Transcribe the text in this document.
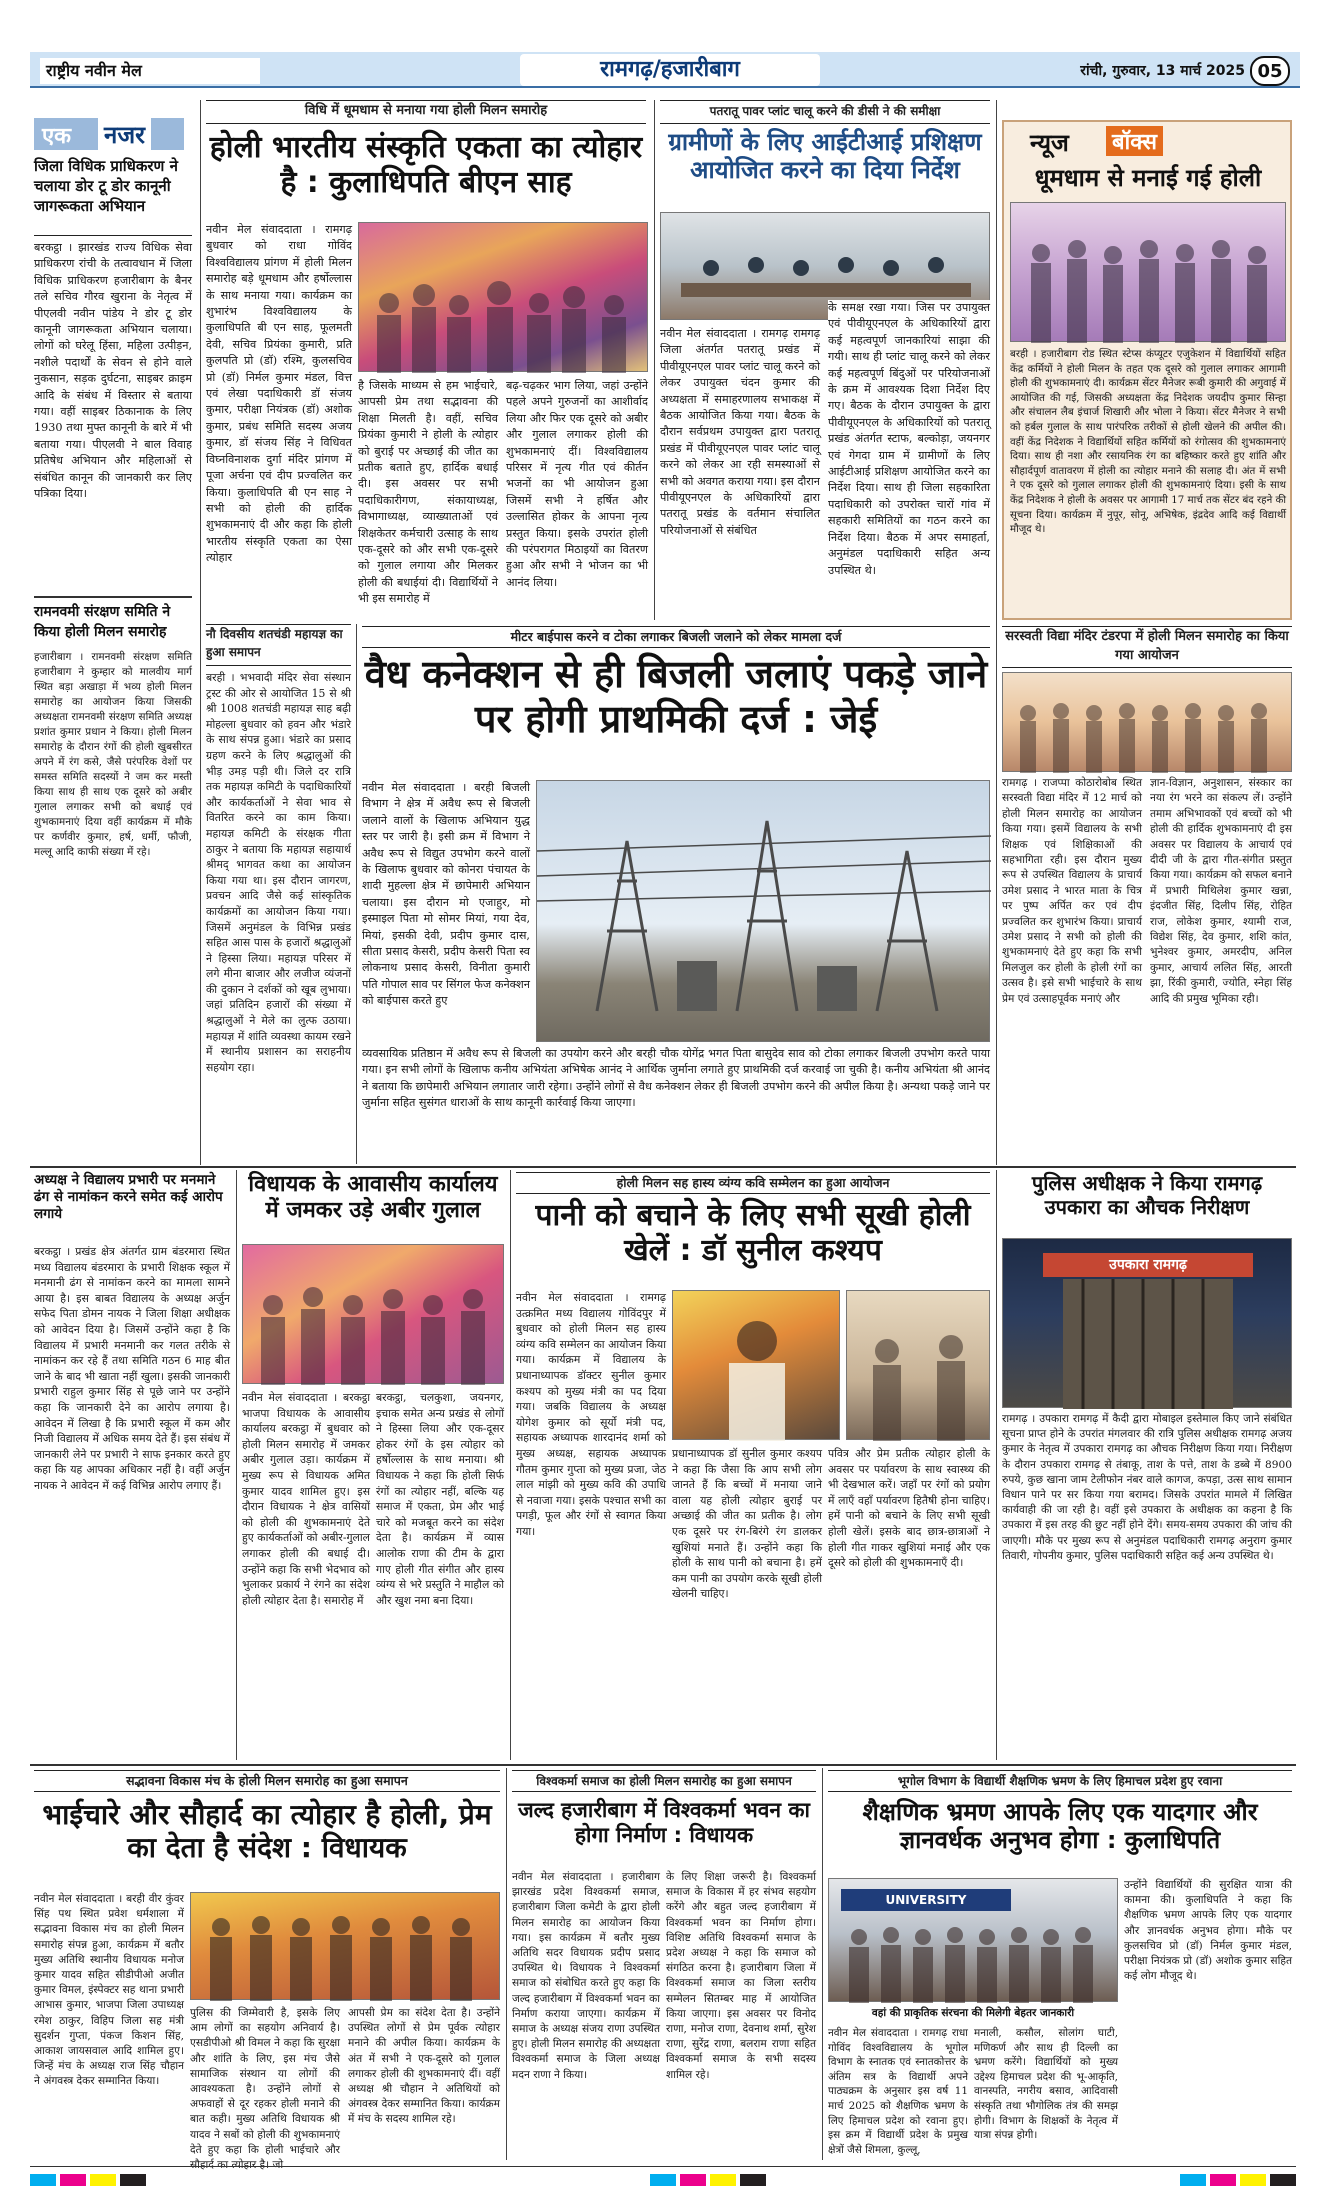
राष्ट्रीय नवीन मेल	रामगढ़/हजारीबाग	रांची, गुरुवार, 13 मार्च 2025 05
एक नजर
जिला विधिक प्राधिकरण ने चलाया डोर टू डोर कानूनी जागरूकता अभियान
बरकट्ठा । झारखंड राज्य विधिक सेवा प्राधिकरण रांची के तत्वावधान में जिला विधिक प्राधिकरण हजारीबाग के बैनर तले सचिव गौरव खुराना के नेतृत्व में पीएलवी नवीन पांडेय ने डोर टू डोर कानूनी जागरूकता अभियान चलाया। लोगों को घरेलू हिंसा, महिला उत्पीड़न, नशीले पदार्थों के सेवन से होने वाले नुकसान, सड़क दुर्घटना, साइबर क्राइम आदि के संबंध में विस्तार से बताया गया। वहीं साइबर ठिकानाक के लिए 1930 तथा मुफ्त कानूनी के बारे में भी बताया गया। पीएलवी ने बाल विवाह प्रतिषेध अभियान और महिलाओं से संबंधित कानून की जानकारी कर लिए पत्रिका दिया।
रामनवमी संरक्षण समिति ने किया होली मिलन समारोह
हजारीबाग । रामनवमी संरक्षण समिति हजारीबाग ने कुम्हार को मालवीय मार्ग स्थित बड़ा अखाड़ा में भव्य होली मिलन समारोह का आयोजन किया जिसकी अध्यक्षता रामनवमी संरक्षण समिति अध्यक्ष प्रशांत कुमार प्रधान ने किया। होली मिलन समारोह के दौरान रंगों की होली खुबसीरत अपने में रंग कसे, जैसे परंपरिक वेशों पर समस्त समिति सदस्यों ने जम कर मस्ती किया साथ ही साथ एक दूसरे को अबीर गुलाल लगाकर सभी को बधाई एवं शुभकामनाएं दिया वहीं कार्यक्रम में मौके पर कर्णवीर कुमार, हर्ष, धर्मी, फौजी, मल्लू आदि काफी संख्या में रहे।
विधि में धूमधाम से मनाया गया होली मिलन समारोह
होली भारतीय संस्कृति एकता का त्योहार है : कुलाधिपति बीएन साह
नवीन मेल संवाददाता । रामगढ़ बुधवार को राधा गोविंद विश्वविद्यालय प्रांगण में होली मिलन समारोह बड़े धूमधाम और हर्षोल्लास के साथ मनाया गया। कार्यक्रम का शुभारंभ विश्वविद्यालय के कुलाधिपति बी एन साह, फूलमती देवी, सचिव प्रियंका कुमारी, प्रति कुलपति प्रो (डॉ) रश्मि, कुलसचिव प्रो (डॉ) निर्मल कुमार मंडल, वित्त एवं लेखा पदाधिकारी डॉ संजय कुमार, परीक्षा नियंत्रक (डॉ) अशोक कुमार, प्रबंध समिति सदस्य अजय कुमार, डॉ संजय सिंह ने विधिवत विघ्नविनाशक दुर्गा मंदिर प्रांगण में पूजा अर्चना एवं दीप प्रज्वलित कर किया। कुलाधिपति बी एन साह ने सभी को होली की हार्दिक शुभकामनाएं दी और कहा कि होली भारतीय संस्कृति एकता का ऐसा त्योहार
है जिसके माध्यम से हम भाईचारे, आपसी प्रेम तथा सद्भावना की शिक्षा मिलती है। वहीं, सचिव प्रियंका कुमारी ने होली के त्योहार को बुराई पर अच्छाई की जीत का प्रतीक बताते हुए, हार्दिक बधाई दी। इस अवसर पर सभी पदाधिकारीगण, संकायाध्यक्ष, विभागाध्यक्ष, व्याख्याताओं एवं शिक्षकेतर कर्मचारी उत्साह के साथ एक-दूसरे को और सभी एक-दूसरे को गुलाल लगाया और मिलकर होली की बधाईयां दी। विद्यार्थियों ने भी इस समारोह में
बढ़-चढ़कर भाग लिया, जहां उन्होंने पहले अपने गुरुजनों का आशीर्वाद लिया और फिर एक दूसरे को अबीर और गुलाल लगाकर होली की शुभकामनाएं दीं। विश्वविद्यालय परिसर में नृत्य गीत एवं कीर्तन भजनों का भी आयोजन हुआ जिसमें सभी ने हर्षित और उल्लासित होकर के आपना नृत्य प्रस्तुत किया। इसके उपरांत होली की परंपरागत मिठाइयों का वितरण हुआ और सभी ने भोजन का भी आनंद लिया।
पतरातू पावर प्लांट चालू करने की डीसी ने की समीक्षा
ग्रामीणों के लिए आईटीआई प्रशिक्षण आयोजित करने का दिया निर्देश
नवीन मेल संवाददाता । रामगढ़ रामगढ़ जिला अंतर्गत पतरातू प्रखंड में पीवीयूएनएल पावर प्लांट चालू करने को लेकर उपायुक्त चंदन कुमार की अध्यक्षता में समाहरणालय सभाकक्ष में बैठक आयोजित किया गया। बैठक के दौरान सर्वप्रथम उपायुक्त द्वारा पतरातू प्रखंड में पीवीयूएनएल पावर प्लांट चालू करने को लेकर आ रही समस्याओं से सभी को अवगत कराया गया। इस दौरान पीवीयूएनएल के अधिकारियों द्वारा पतरातू प्रखंड के वर्तमान संचालित परियोजनाओं से संबंधित
के समक्ष रखा गया। जिस पर उपायुक्त एवं पीवीयूएनएल के अधिकारियों द्वारा कई महत्वपूर्ण जानकारियां साझा की गयी। साथ ही प्लांट चालू करने को लेकर कई महत्वपूर्ण बिंदुओं पर परियोजनाओं के क्रम में आवश्यक दिशा निर्देश दिए गए। बैठक के दौरान उपायुक्त के द्वारा पीवीयूएनएल के अधिकारियों को पतरातू प्रखंड अंतर्गत स्टाफ, बल्कोड़ा, जयनगर एवं गेगदा ग्राम में ग्रामीणों के लिए आईटीआई प्रशिक्षण आयोजित करने का निर्देश दिया। साथ ही जिला सहकारिता पदाधिकारी को उपरोक्त चारों गांव में सहकारी समितियों का गठन करने का निर्देश दिया। बैठक में अपर समाहर्ता, अनुमंडल पदाधिकारी सहित अन्य उपस्थित थे।
न्यूज बॉक्स
धूमधाम से मनाई गई होली
बरही । हजारीबाग रोड स्थित स्टेप्स कंप्यूटर एजुकेशन में विद्यार्थियों सहित केंद्र कर्मियों ने होली मिलन के तहत एक दूसरे को गुलाल लगाकर आगामी होली की शुभकामनाएं दी। कार्यक्रम सेंटर मैनेजर रूबी कुमारी की अगुवाई में आयोजित की गई, जिसकी अध्यक्षता केंद्र निदेशक जयदीप कुमार सिन्हा और संचालन लैब इंचार्ज शिखारी और भोला ने किया। सेंटर मैनेजर ने सभी को हर्बल गुलाल के साथ पारंपरिक तरीकों से होली खेलने की अपील की। वहीं केंद्र निदेशक ने विद्यार्थियों सहित कर्मियों को रंगोत्सव की शुभकामनाएं दिया। साथ ही नशा और रसायनिक रंग का बहिष्कार करते हुए शांति और सौहार्दपूर्ण वातावरण में होली का त्योहार मनाने की सलाह दी। अंत में सभी ने एक दूसरे को गुलाल लगाकर होली की शुभकामनाएं दिया। इसी के साथ केंद्र निदेशक ने होली के अवसर पर आगामी 17 मार्च तक सेंटर बंद रहने की सूचना दिया। कार्यक्रम में नुपूर, सोनू, अभिषेक, इंद्रदेव आदि कई विद्यार्थी मौजूद थे।
नौ दिवसीय शतचंडी महायज्ञ का हुआ समापन
बरही । भभवादी मंदिर सेवा संस्थान ट्रस्ट की ओर से आयोजित 15 से श्री श्री 1008 शतचंडी महायज्ञ साह बढ़ी मोहल्ला बुधवार को हवन और भंडारे के साथ संपन्न हुआ। भंडारे का प्रसाद ग्रहण करने के लिए श्रद्धालुओं की भीड़ उमड़ पड़ी थी। जिले दर रात्रि तक महायज्ञ कमिटी के पदाधिकारियों और कार्यकर्ताओं ने सेवा भाव से वितरित करने का काम किया। महायज्ञ कमिटी के संरक्षक गीता ठाकुर ने बताया कि महायज्ञ सहायार्थ श्रीमद् भागवत कथा का आयोजन किया गया था। इस दौरान जागरण, प्रवचन आदि जैसे कई सांस्कृतिक कार्यक्रमों का आयोजन किया गया। जिसमें अनुमंडल के विभिन्न प्रखंड सहित आस पास के हजारों श्रद्धालुओं ने हिस्सा लिया। महायज्ञ परिसर में लगे मीना बाजार और लजीज व्यंजनों की दुकान ने दर्शकों को खूब लुभाया। जहां प्रतिदिन हजारों की संख्या में श्रद्धालुओं ने मेले का लुत्फ उठाया। महायज्ञ में शांति व्यवस्था कायम रखने में स्थानीय प्रशासन का सराहनीय सहयोग रहा।
मीटर बाईपास करने व टोका लगाकर बिजली जलाने को लेकर मामला दर्ज
वैध कनेक्शन से ही बिजली जलाएं पकड़े जाने पर होगी प्राथमिकी दर्ज : जेई
नवीन मेल संवाददाता । बरही बिजली विभाग ने क्षेत्र में अवैध रूप से बिजली जलाने वालों के खिलाफ अभियान युद्ध स्तर पर जारी है। इसी क्रम में विभाग ने अवैध रूप से विद्युत उपभोग करने वालों के खिलाफ बुधवार को कोनरा पंचायत के शादी मुहल्ला क्षेत्र में छापेमारी अभियान चलाया। इस दौरान मो एजाहुर, मो इस्माइल पिता मो सोमर मियां, गया देव, मियां, इसकी देवी, प्रदीप कुमार दास, सीता प्रसाद केसरी, प्रदीप केसरी पिता स्व लोकनाथ प्रसाद केसरी, विनीता कुमारी पति गोपाल साव पर सिंगल फेज कनेक्शन को बाईपास करते हुए
व्यवसायिक प्रतिष्ठान में अवैध रूप से बिजली का उपयोग करने और बरही चौक योगेंद्र भगत पिता बासुदेव साव को टोका लगाकर बिजली उपभोग करते पाया गया। इन सभी लोगों के खिलाफ कनीय अभियंता अभिषेक आनंद ने आर्थिक जुर्माना लगाते हुए प्राथमिकी दर्ज करवाई जा चुकी है। कनीय अभियंता श्री आनंद ने बताया कि छापेमारी अभियान लगातार जारी रहेगा। उन्होंने लोगों से वैध कनेक्शन लेकर ही बिजली उपभोग करने की अपील किया है। अन्यथा पकड़े जाने पर जुर्माना सहित सुसंगत धाराओं के साथ कानूनी कार्रवाई किया जाएगा।
सरस्वती विद्या मंदिर टंडरपा में होली मिलन समारोह का किया गया आयोजन
रामगढ़ । राजप्पा कोठारोबोब स्थित सरस्वती विद्या मंदिर में 12 मार्च को होली मिलन समारोह का आयोजन किया गया। इसमें विद्यालय के सभी शिक्षक एवं शिक्षिकाओं की सहभागिता रही। इस दौरान मुख्य रूप से उपस्थित विद्यालय के प्राचार्य उमेश प्रसाद ने भारत माता के चित्र पर पुष्प अर्पित कर एवं दीप प्रज्वलित कर शुभारंभ किया। प्राचार्य उमेश प्रसाद ने सभी को होली की शुभकामनाएं देते हुए कहा कि सभी मिलजुल कर होली के होली रंगों का उत्सव है। इसे सभी भाईचारे के साथ प्रेम एवं उत्साहपूर्वक मनाएं और
ज्ञान-विज्ञान, अनुशासन, संस्कार का नया रंग भरने का संकल्प लें। उन्होंने तमाम अभिभावकों एवं बच्चों को भी होली की हार्दिक शुभकामनाएं दी इस अवसर पर विद्यालय के आचार्य एवं दीदी जी के द्वारा गीत-संगीत प्रस्तुत किया गया। कार्यक्रम को सफल बनाने में प्रभारी मिथिलेश कुमार खन्ना, इंदजीत सिंह, दिलीप सिंह, रोहित राज, लोकेश कुमार, श्यामी राज, विद्येश सिंह, देव कुमार, शशि कांत, भुनेश्वर कुमार, अमरदीप, अनिल कुमार, आचार्य ललित सिंह, आरती झा, रिंकी कुमारी, ज्योति, स्नेहा सिंह आदि की प्रमुख भूमिका रही।
अध्यक्ष ने विद्यालय प्रभारी पर मनमाने ढंग से नामांकन करने समेत कई आरोप लगाये
बरकट्ठा । प्रखंड क्षेत्र अंतर्गत ग्राम बंडरमारा स्थित मध्य विद्यालय बंडरमारा के प्रभारी शिक्षक स्कूल में मनमानी ढंग से नामांकन करने का मामला सामने आया है। इस बाबत विद्यालय के अध्यक्ष अर्जुन सफेद पिता डोमन नायक ने जिला शिक्षा अधीक्षक को आवेदन दिया है। जिसमें उन्होंने कहा है कि विद्यालय में प्रभारी मनमानी कर गलत तरीके से नामांकन कर रहे हैं तथा समिति गठन 6 माह बीत जाने के बाद भी खाता नहीं खुला। इसकी जानकारी प्रभारी राहुल कुमार सिंह से पूछे जाने पर उन्होंने कहा कि जानकारी देने का आरोप लगाया है। आवेदन में लिखा है कि प्रभारी स्कूल में कम और निजी विद्यालय में अधिक समय देते हैं। इस संबंध में जानकारी लेने पर प्रभारी ने साफ इनकार करते हुए कहा कि यह आपका अधिकार नहीं है। वहीं अर्जुन नायक ने आवेदन में कई विभिन्न आरोप लगाए हैं।
विधायक के आवासीय कार्यालय में जमकर उड़े अबीर गुलाल
नवीन मेल संवाददाता । बरकट्ठा भाजपा विधायक के आवासीय कार्यालय बरकट्ठा में बुधवार को होली मिलन समारोह में जमकर अबीर गुलाल उड़ा। कार्यक्रम में मुख्य रूप से विधायक अमित कुमार यादव शामिल हुए। इस दौरान विधायक ने क्षेत्र वासियों को होली की शुभकामनाएं देते हुए कार्यकर्ताओं को अबीर-गुलाल लगाकर होली की बधाई दी। उन्होंने कहा कि सभी भेदभाव को भुलाकर प्रकार्य ने रंगने का संदेश होली त्योहार देता है। समारोह में
बरकट्ठा, चलकुशा, जयनगर, इचाक समेत अन्य प्रखंड से लोगों ने हिस्सा लिया और एक-दूसर होकर रंगों के इस त्योहार को हर्षोल्लास के साथ मनाया। श्री विधायक ने कहा कि होली सिर्फ रंगों का त्योहार नहीं, बल्कि यह समाज में एकता, प्रेम और भाई चारे को मजबूत करने का संदेश देता है। कार्यक्रम में व्यास आलोक राणा की टीम के द्वारा गाए होली गीत संगीत और हास्य व्यंग्य से भरे प्रस्तुति ने माहौल को और खुश नमा बना दिया।
होली मिलन सह हास्य व्यंग्य कवि सम्मेलन का हुआ आयोजन
पानी को बचाने के लिए सभी सूखी होली खेलें : डॉ सुनील कश्यप
नवीन मेल संवाददाता । रामगढ़ उत्क्रमित मध्य विद्यालय गोविंदपुर में बुधवार को होली मिलन सह हास्य व्यंग्य कवि सम्मेलन का आयोजन किया गया। कार्यक्रम में विद्यालय के प्रधानाध्यापक डॉक्टर सुनील कुमार कश्यप को मुख्य मंत्री का पद दिया गया। जबकि विद्यालय के अध्यक्ष योगेश कुमार को सूर्यो मंत्री पद, सहायक अध्यापक शारदानंद शर्मा को मुख्य अध्यक्ष, सहायक अध्यापक गौतम कुमार गुप्ता को मुख्य प्रजा, जेठ लाल मांझी को मुख्य कवि की उपाधि से नवाजा गया। इसके पश्चात सभी का पगड़ी, फूल और रंगों से स्वागत किया गया।
प्रधानाध्यापक डॉ सुनील कुमार कश्यप ने कहा कि जैसा कि आप सभी लोग जानते हैं कि बच्चों में मनाया जाने वाला यह होली त्योहार बुराई पर अच्छाई की जीत का प्रतीक है। लोग एक दूसरे पर रंग-बिरंगे रंग डालकर खुशियां मनाते हैं। उन्होंने कहा कि होली के साथ पानी को बचाना है। हमें कम पानी का उपयोग करके सूखी होली खेलनी चाहिए।
पवित्र और प्रेम प्रतीक त्योहार होली के अवसर पर पर्यावरण के साथ स्वास्थ्य की भी देखभाल करें। जहाँ पर रंगों को प्रयोग में लाएँ वहाँ पर्यावरण हितैषी होना चाहिए। हमें पानी को बचाने के लिए सभी सूखी होली खेलें। इसके बाद छात्र-छात्राओं ने होली गीत गाकर खुशियां मनाई और एक दूसरे को होली की शुभकामनाएँ दी।
पुलिस अधीक्षक ने किया रामगढ़ उपकारा का औचक निरीक्षण
उपकारा रामगढ़
रामगढ़ । उपकारा रामगढ़ में कैदी द्वारा मोबाइल इस्तेमाल किए जाने संबंधित सूचना प्राप्त होने के उपरांत मंगलवार की रात्रि पुलिस अधीक्षक रामगढ़ अजय कुमार के नेतृत्व में उपकारा रामगढ़ का औचक निरीक्षण किया गया। निरीक्षण के दौरान उपकारा रामगढ़ से तंबाकू, ताश के पत्ते, ताश के डब्बे में 8900 रुपये, कुछ खाना जाम टेलीफोन नंबर वाले कागज, कपड़ा, उत्स साथ सामान विधान पाने पर सर किया गया बरामद। जिसके उपरांत मामले में लिखित कार्यवाही की जा रही है। वहीं इसे उपकारा के अधीक्षक का कहना है कि उपकारा में इस तरह की छुट नहीं होने देंगे। समय-समय उपकारा की जांच की जाएगी। मौके पर मुख्य रूप से अनुमंडल पदाधिकारी रामगढ़ अनुराग कुमार तिवारी, गोपनीय कुमार, पुलिस पदाधिकारी सहित कई अन्य उपस्थित थे।
सद्भावना विकास मंच के होली मिलन समारोह का हुआ समापन
भाईचारे और सौहार्द का त्योहार है होली, प्रेम का देता है संदेश : विधायक
नवीन मेल संवाददाता । बरही वीर कुंवर सिंह पथ स्थित प्रवेश धर्मशाला में सद्भावना विकास मंच का होली मिलन समारोह संपन्न हुआ, कार्यक्रम में बतौर मुख्य अतिथि स्थानीय विधायक मनोज कुमार यादव सहित सीडीपीओ अजीत कुमार विमल, इंस्पेक्टर सह थाना प्रभारी आभास कुमार, भाजपा जिला उपाध्यक्ष रमेश ठाकुर, विहिप जिला सह मंत्री सुदर्शन गुप्ता, पंकज किशन सिंह, आकाश जायसवाल आदि शामिल हुए। जिन्हें मंच के अध्यक्ष राज सिंह चौहान ने अंगवस्त्र देकर सम्मानित किया।
पुलिस की जिम्मेवारी है, इसके लिए आम लोगों का सहयोग अनिवार्य है। एसडीपीओ श्री विमल ने कहा कि सुरक्षा और शांति के लिए, इस मंच जैसे सामाजिक संस्थान या लोगों की आवश्यकता है। उन्होंने लोगों से अफवाहों से दूर रहकर होली मनाने की बात कही। मुख्य अतिथि विधायक श्री यादव ने सबों को होली की शुभकामनाएं देते हुए कहा कि होली भाईचारे और
आपसी प्रेम का संदेश देता है। उन्होंने उपस्थित लोगों से प्रेम पूर्वक त्योहार मनाने की अपील किया। कार्यक्रम के अंत में सभी ने एक-दूसरे को गुलाल लगाकर होली की शुभकामनाएं दीं। वहीं अध्यक्ष श्री चौहान ने अतिथियों को अंगवस्त्र देकर सम्मानित किया। कार्यक्रम में मंच के सदस्य शामिल रहे।
विश्वकर्मा समाज का होली मिलन समारोह का हुआ समापन
जल्द हजारीबाग में विश्वकर्मा भवन का होगा निर्माण : विधायक
नवीन मेल संवाददाता । हजारीबाग झारखंड प्रदेश विश्वकर्मा समाज, हजारीबाग जिला कमेटी के द्वारा होली मिलन समारोह का आयोजन किया गया। इस कार्यक्रम में बतौर मुख्य अतिथि सदर विधायक प्रदीप प्रसाद उपस्थित थे। विधायक ने विश्वकर्मा समाज को संबोधित करते हुए कहा कि जल्द हजारीबाग में विश्वकर्मा भवन का निर्माण कराया जाएगा। कार्यक्रम में समाज के अध्यक्ष संजय राणा उपस्थित हुए। होली मिलन समारोह की अध्यक्षता विश्वकर्मा समाज के जिला अध्यक्ष मदन राणा ने किया।
के लिए शिक्षा जरूरी है। विश्वकर्मा समाज के विकास में हर संभव सहयोग करेंगे और बहुत जल्द हजारीबाग में विश्वकर्मा भवन का निर्माण होगा। विशिष्ट अतिथि विश्वकर्मा समाज के प्रदेश अध्यक्ष ने कहा कि समाज को संगठित करना है। हजारीबाग जिला में विश्वकर्मा समाज का जिला स्तरीय सम्मेलन सितम्बर माह में आयोजित किया जाएगा। इस अवसर पर विनोद राणा, मनोज राणा, देवनाथ शर्मा, सुरेश राणा, सुरेंद्र राणा, बलराम राणा सहित विश्वकर्मा समाज के सभी सदस्य शामिल रहे।
भूगोल विभाग के विद्यार्थी शैक्षणिक भ्रमण के लिए हिमाचल प्रदेश हुए रवाना
शैक्षणिक भ्रमण आपके लिए एक यादगार और ज्ञानवर्धक अनुभव होगा : कुलाधिपति
UNIVERSITY
वहां की प्राकृतिक संरचना की मिलेगी बेहतर जानकारी
उन्होंने विद्यार्थियों की सुरक्षित यात्रा की कामना की। कुलाधिपति ने कहा कि शैक्षणिक भ्रमण आपके लिए एक यादगार और ज्ञानवर्धक अनुभव होगा। मौके पर कुलसचिव प्रो (डॉ) निर्मल कुमार मंडल, परीक्षा नियंत्रक प्रो (डॉ) अशोक कुमार सहित कई लोग मौजूद थे।
नवीन मेल संवाददाता । रामगढ़ राधा गोविंद विश्वविद्यालय के भूगोल विभाग के स्नातक एवं स्नातकोत्तर के अंतिम सत्र के विद्यार्थी अपने पाठ्यक्रम के अनुसार इस वर्ष 11 मार्च 2025 को शैक्षणिक भ्रमण के लिए हिमाचल प्रदेश को रवाना हुए। इस क्रम में विद्यार्थी प्रदेश के प्रमुख क्षेत्रों जैसे शिमला, कुल्लू,
मनाली, कसौल, सोलांग घाटी, मणिकर्ण और साथ ही दिल्ली का भ्रमण करेंगे। विद्यार्थियों को मुख्य उद्देश्य हिमाचल प्रदेश की भू-आकृति, वानस्पति, नगरीय बसाव, आदिवासी संस्कृति तथा भौगोलिक तंत्र की समझ होगी। विभाग के शिक्षकों के नेतृत्व में यात्रा संपन्न होगी।
